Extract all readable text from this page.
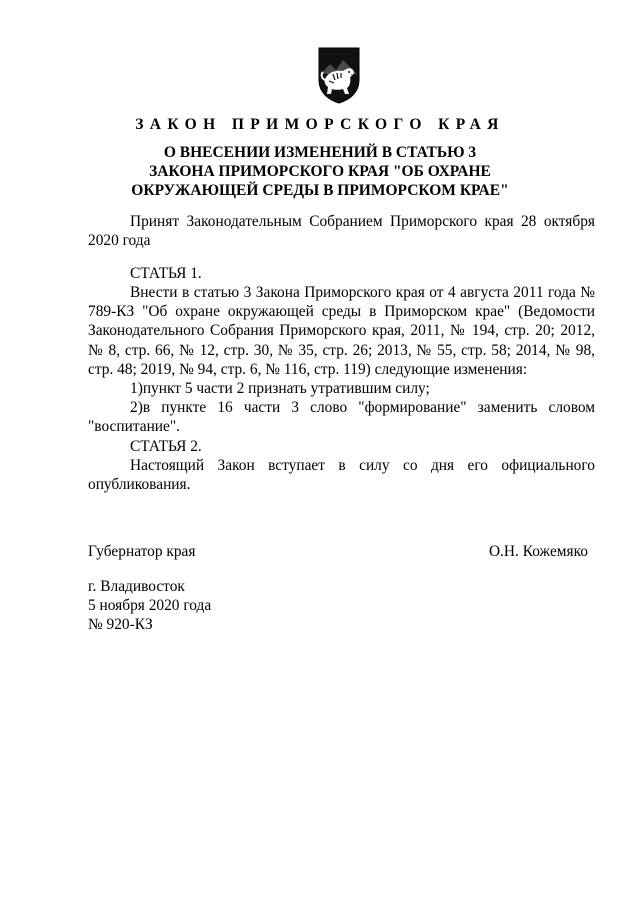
ЗАКОН ПРИМОРСКОГО КРАЯ
О ВНЕСЕНИИ ИЗМЕНЕНИЙ В СТАТЬЮ 3
ЗАКОНА ПРИМОРСКОГО КРАЯ "ОБ ОХРАНЕ
ОКРУЖАЮЩЕЙ СРЕДЫ В ПРИМОРСКОМ КРАЕ"

Принят Законодательным Собранием Приморского края 28 октября 2020 года

СТАТЬЯ 1.

Внести в статью 3 Закона Приморского края от 4 августа 2011 года № 789-КЗ "Об охране окружающей среды в Приморском крае" (Ведомости Законодательного Собрания Приморского края, 2011, № 194, стр. 20; 2012, № 8, стр. 66, № 12, стр. 30, № 35, стр. 26; 2013, № 55, стр. 58; 2014, № 98, стр. 48; 2019, № 94, стр. 6, № 116, стр. 119) следующие изменения:

1)пункт 5 части 2 признать утратившим силу;

2)в пункте 16 части 3 слово "формирование" заменить словом "воспитание".

СТАТЬЯ 2.

Настоящий Закон вступает в силу со дня его официального опубликования.

Губернатор края	О.Н. Кожемяко
г. Владивосток
5 ноября 2020 года
№ 920-КЗ
